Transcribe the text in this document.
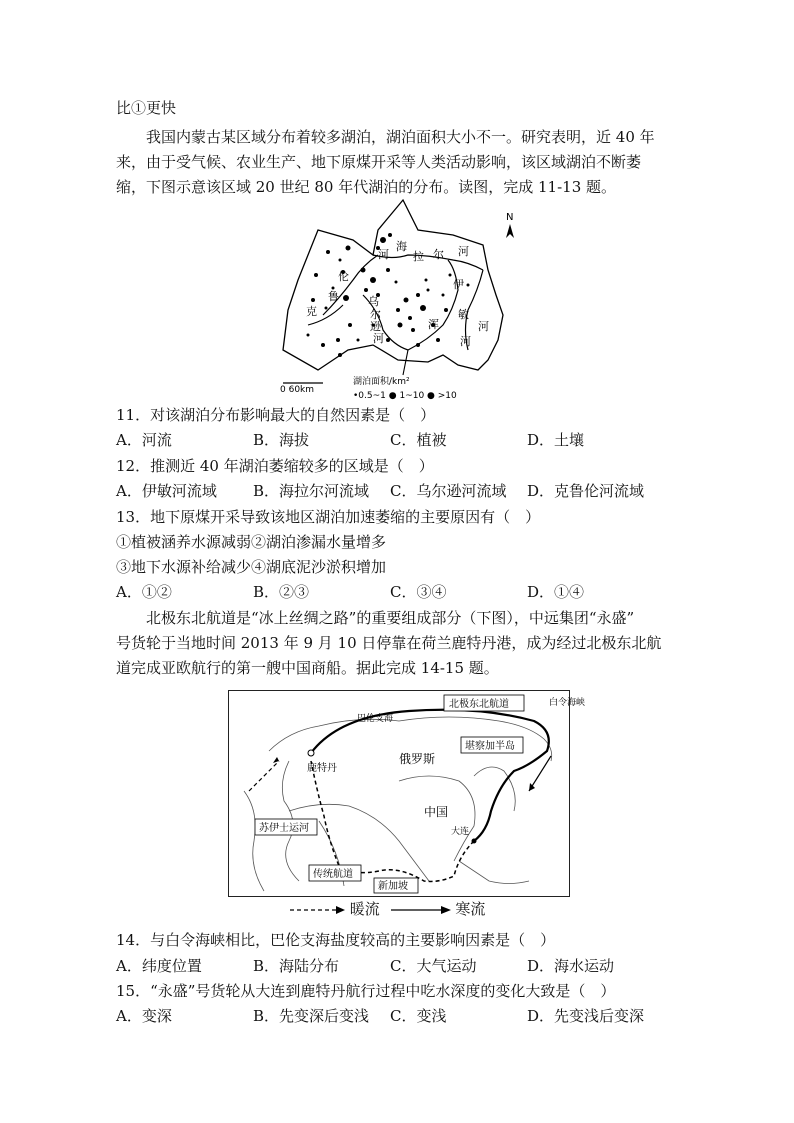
比①更快
我国内蒙古某区域分布着较多湖泊，湖泊面积大小不一。研究表明，近 40 年
来，由于受气候、农业生产、地下原煤开采等人类活动影响，该区域湖泊不断萎
缩，下图示意该区域 20 世纪 80 年代湖泊的分布。读图，完成 11-13 题。
河
海
拉 尔 河
伦
伊
鲁	乌
克	尔	敏
河
逊	浑
河	河
N
0 60km
湖泊面积/km²
•0.5~1 ● 1~10 ● >10
11．对该湖泊分布影响最大的自然因素是（　）
A．河流	B．海拔	C．植被	D．土壤
12．推测近 40 年湖泊萎缩较多的区域是（　）
A．伊敏河流域 B．海拉尔河流域 C．乌尔逊河流域 D．克鲁伦河流域
13．地下原煤开采导致该地区湖泊加速萎缩的主要原因有（　）
①植被涵养水源减弱②湖泊渗漏水量增多
③地下水源补给减少④湖底泥沙淤积增加
A．①②	B．②③	C．③④	D．①④
北极东北航道是“冰上丝绸之路”的重要组成部分（下图），中远集团“永盛”
号货轮于当地时间 2013 年 9 月 10 日停靠在荷兰鹿特丹港，成为经过北极东北航
道完成亚欧航行的第一艘中国商船。据此完成 14-15 题。
北极东北航道	白令海峡
巴伦支海
堪察加半岛
鹿特丹
俄罗斯
大连
中国
苏伊士运河
传统航道
新加坡
暖流	寒流
14．与白令海峡相比，巴伦支海盐度较高的主要影响因素是（　）
A．纬度位置	B．海陆分布	C．大气运动	D．海水运动
15．“永盛”号货轮从大连到鹿特丹航行过程中吃水深度的变化大致是（　）
A．变深	B．先变深后变浅 C．变浅	D．先变浅后变深
